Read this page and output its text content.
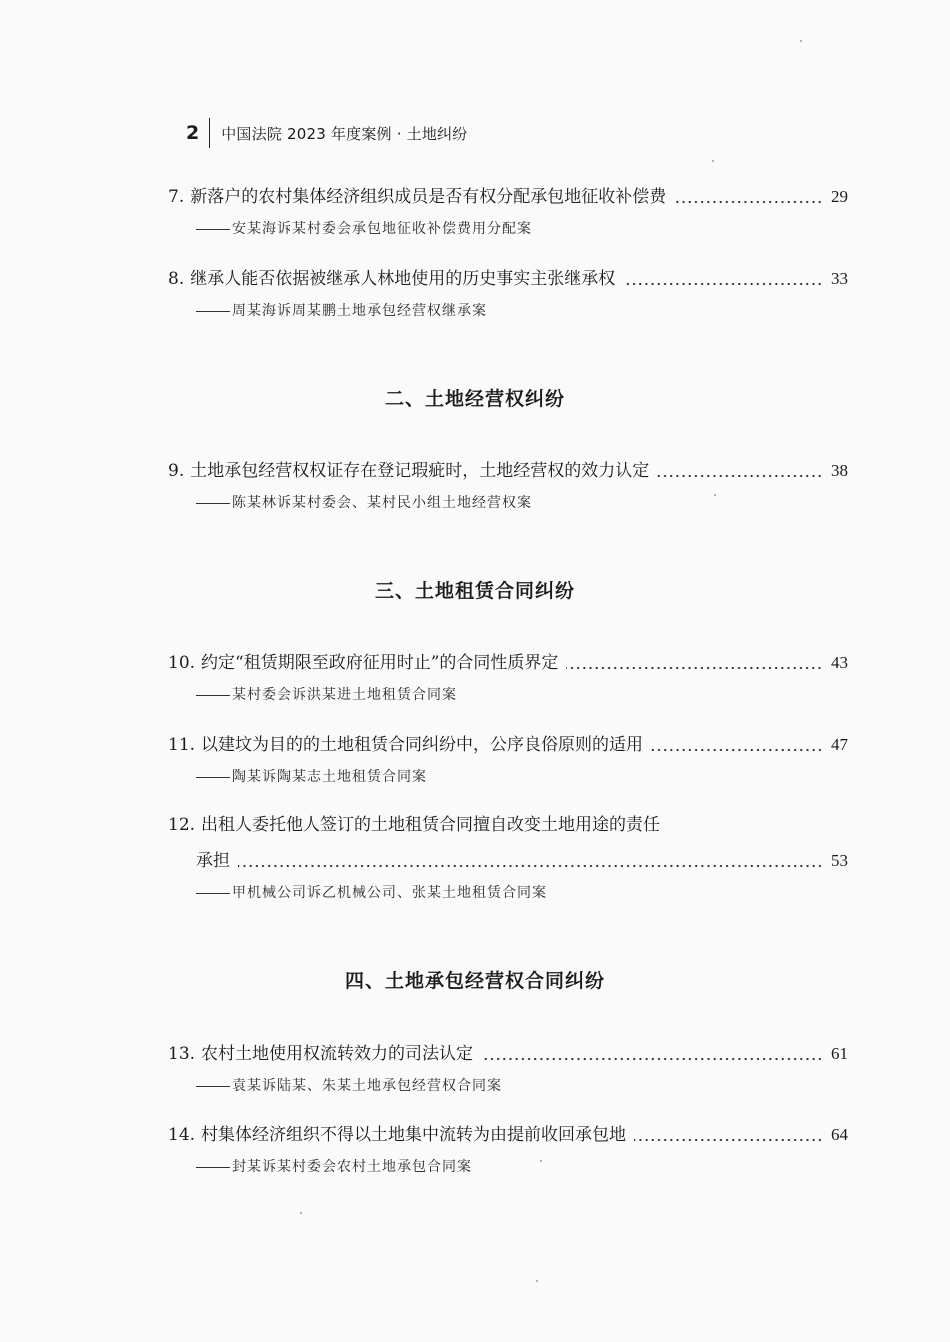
2 中国法院 2023 年度案例 · 土地纠纷
7. 新落户的农村集体经济组织成员是否有权分配承包地征收补偿费	29
安某海诉某村委会承包地征收补偿费用分配案
8. 继承人能否依据被继承人林地使用的历史事实主张继承权	33
周某海诉周某鹏土地承包经营权继承案
二、土地经营权纠纷
9. 土地承包经营权权证存在登记瑕疵时，土地经营权的效力认定	38
陈某林诉某村委会、某村民小组土地经营权案
三、土地租赁合同纠纷
10. 约定“租赁期限至政府征用时止”的合同性质界定	43
某村委会诉洪某进土地租赁合同案
11. 以建坟为目的的土地租赁合同纠纷中，公序良俗原则的适用	47
陶某诉陶某志土地租赁合同案
12. 出租人委托他人签订的土地租赁合同擅自改变土地用途的责任
承担	53
甲机械公司诉乙机械公司、张某土地租赁合同案
四、土地承包经营权合同纠纷
13. 农村土地使用权流转效力的司法认定	61
袁某诉陆某、朱某土地承包经营权合同案
14. 村集体经济组织不得以土地集中流转为由提前收回承包地	64
封某诉某村委会农村土地承包合同案
